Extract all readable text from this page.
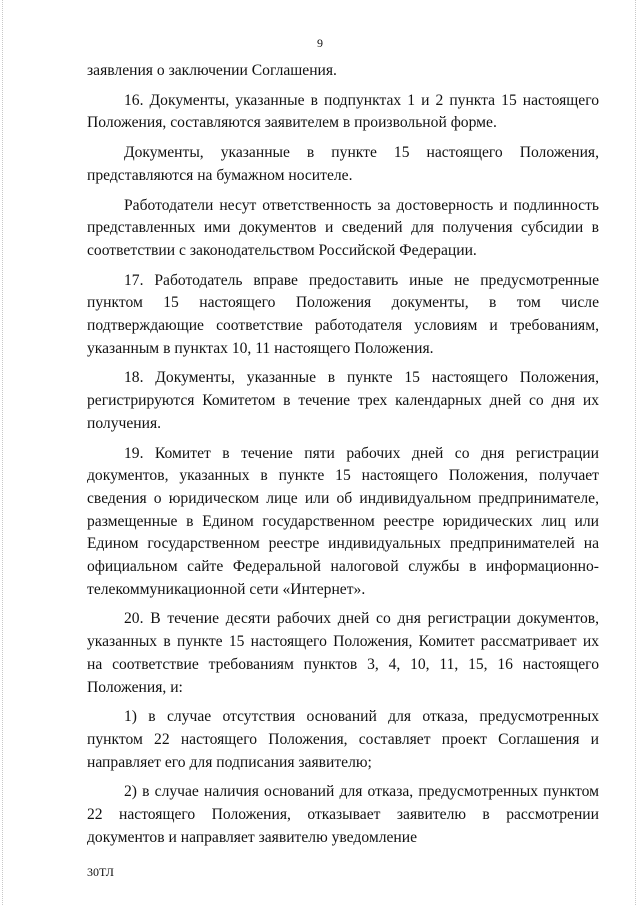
9

заявления о заключении Соглашения.

16. Документы, указанные в подпунктах 1 и 2 пункта 15 настоящего Положения, составляются заявителем в произвольной форме.

Документы, указанные в пункте 15 настоящего Положения, представляются на бумажном носителе.

Работодатели несут ответственность за достоверность и подлинность представленных ими документов и сведений для получения субсидии в соответствии с законодательством Российской Федерации.

17. Работодатель вправе предоставить иные не предусмотренные пунктом 15 настоящего Положения документы, в том числе подтверждающие соответствие работодателя условиям и требованиям, указанным в пунктах 10, 11 настоящего Положения.

18. Документы, указанные в пункте 15 настоящего Положения, регистрируются Комитетом в течение трех календарных дней со дня их получения.

19. Комитет в течение пяти рабочих дней со дня регистрации документов, указанных в пункте 15 настоящего Положения, получает сведения о юридическом лице или об индивидуальном предпринимателе, размещенные в Едином государственном реестре юридических лиц или Едином государственном реестре индивидуальных предпринимателей на официальном сайте Федеральной налоговой службы в информационно-телекоммуникационной сети «Интернет».

20. В течение десяти рабочих дней со дня регистрации документов, указанных в пункте 15 настоящего Положения, Комитет рассматривает их на соответствие требованиям пунктов 3, 4, 10, 11, 15, 16 настоящего Положения, и:

1) в случае отсутствия оснований для отказа, предусмотренных пунктом 22 настоящего Положения, составляет проект Соглашения и направляет его для подписания заявителю;

2) в случае наличия оснований для отказа, предусмотренных пунктом 22 настоящего Положения, отказывает заявителю в рассмотрении документов и направляет заявителю уведомление

30ТЛ
